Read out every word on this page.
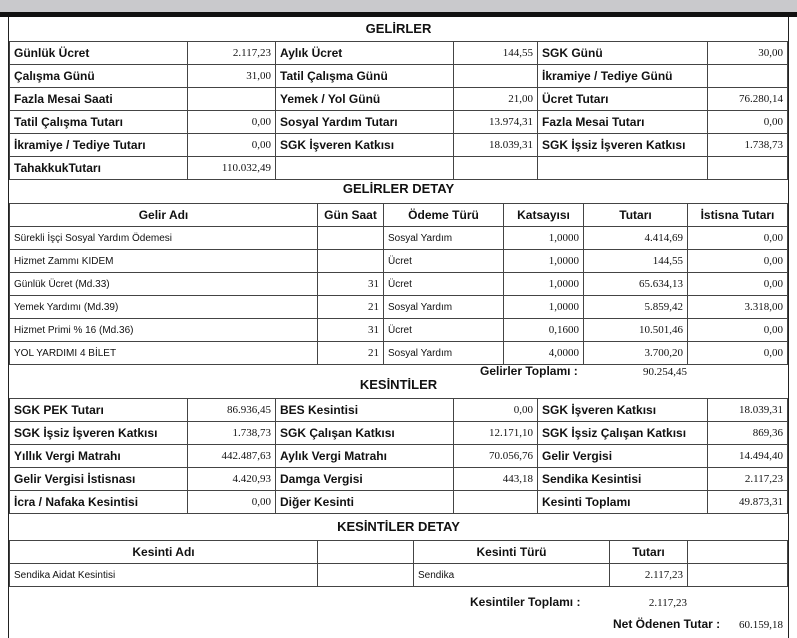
GELİRLER
Günlük Ücret	2.117,23	Aylık Ücret	144,55	SGK Günü	30,00
Çalışma Günü	31,00	Tatil Çalışma Günü		İkramiye / Tediye Günü	
Fazla Mesai Saati		Yemek / Yol Günü	21,00	Ücret Tutarı	76.280,14
Tatil Çalışma Tutarı	0,00	Sosyal Yardım Tutarı	13.974,31	Fazla Mesai Tutarı	0,00
İkramiye / Tediye Tutarı	0,00	SGK İşveren Katkısı	18.039,31	SGK İşsiz İşveren Katkısı	1.738,73
TahakkukTutarı	110.032,49				
GELİRLER DETAY
Gelir Adı	Gün Saat	Ödeme Türü	Katsayısı	Tutarı	İstisna Tutarı
Sürekli İşçi Sosyal Yardım Ödemesi		Sosyal Yardım	1,0000	4.414,69	0,00
Hizmet Zammı KIDEM		Ücret	1,0000	144,55	0,00
Günlük Ücret (Md.33)	31	Ücret	1,0000	65.634,13	0,00
Yemek Yardımı (Md.39)	21	Sosyal Yardım	1,0000	5.859,42	3.318,00
Hizmet Primi % 16 (Md.36)	31	Ücret	0,1600	10.501,46	0,00
YOL YARDIMI 4 BİLET	21	Sosyal Yardım	4,0000	3.700,20	0,00
Gelirler Toplamı :	90.254,45
KESİNTİLER
SGK PEK Tutarı	86.936,45	BES Kesintisi	0,00	SGK İşveren Katkısı	18.039,31
SGK İşsiz İşveren Katkısı	1.738,73	SGK Çalışan Katkısı	12.171,10	SGK İşsiz Çalışan Katkısı	869,36
Yıllık Vergi Matrahı	442.487,63	Aylık Vergi Matrahı	70.056,76	Gelir Vergisi	14.494,40
Gelir Vergisi İstisnası	4.420,93	Damga Vergisi	443,18	Sendika Kesintisi	2.117,23
İcra / Nafaka Kesintisi	0,00	Diğer Kesinti		Kesinti Toplamı	49.873,31
KESİNTİLER DETAY
Kesinti Adı		Kesinti Türü	Tutarı	
Sendika Aidat Kesintisi		Sendika	2.117,23	
Kesintiler Toplamı :	2.117,23
Net Ödenen Tutar :	60.159,18
